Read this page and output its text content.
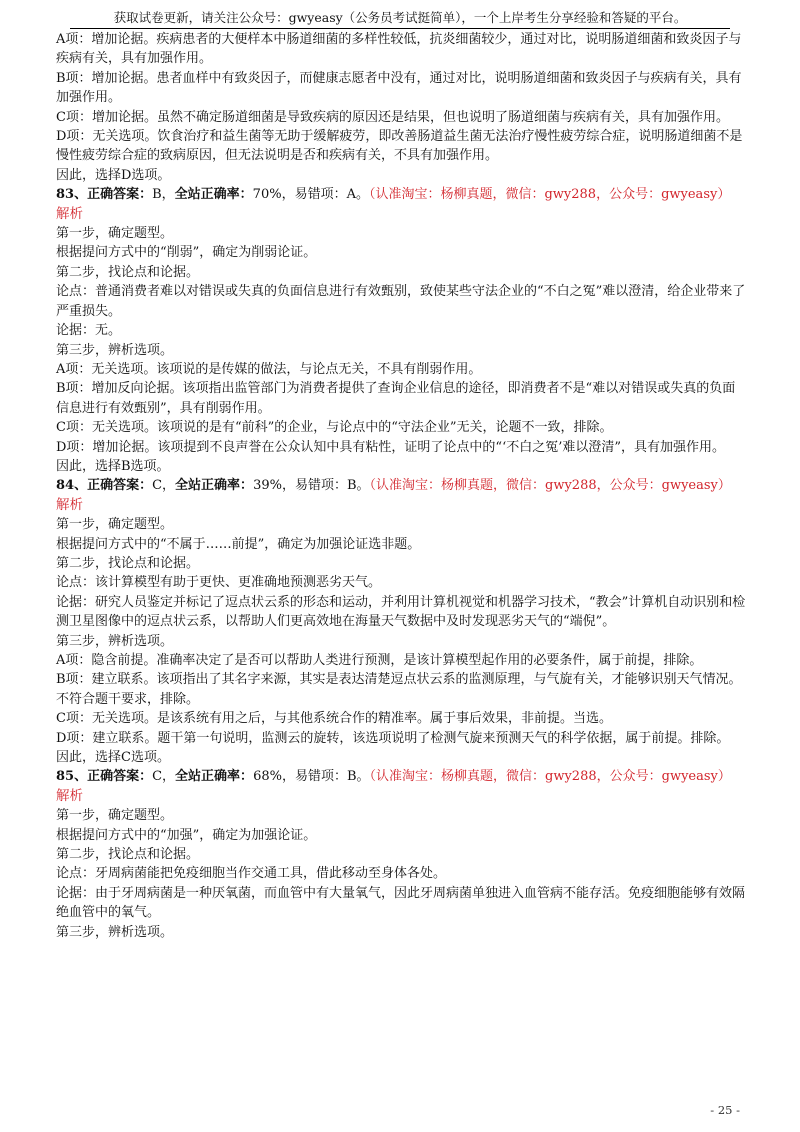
获取试卷更新，请关注公众号：gwyeasy（公务员考试挺简单），一个上岸考生分享经验和答疑的平台。

A项：增加论据。疾病患者的大便样本中肠道细菌的多样性较低，抗炎细菌较少，通过对比，说明肠道细菌和致炎因子与疾病有关，具有加强作用。

B项：增加论据。患者血样中有致炎因子，而健康志愿者中没有，通过对比，说明肠道细菌和致炎因子与疾病有关，具有加强作用。

C项：增加论据。虽然不确定肠道细菌是导致疾病的原因还是结果，但也说明了肠道细菌与疾病有关，具有加强作用。

D项：无关选项。饮食治疗和益生菌等无助于缓解疲劳，即改善肠道益生菌无法治疗慢性疲劳综合症，说明肠道细菌不是慢性疲劳综合症的致病原因，但无法说明是否和疾病有关，不具有加强作用。

因此，选择D选项。

83、正确答案：B，全站正确率：70%，易错项：A。（认准淘宝：杨柳真题，微信：gwy288，公众号：gwyeasy）

解析

第一步，确定题型。

根据提问方式中的“削弱”，确定为削弱论证。

第二步，找论点和论据。

论点：普通消费者难以对错误或失真的负面信息进行有效甄别，致使某些守法企业的“不白之冤”难以澄清，给企业带来了严重损失。

论据：无。

第三步，辨析选项。

A项：无关选项。该项说的是传媒的做法，与论点无关，不具有削弱作用。

B项：增加反向论据。该项指出监管部门为消费者提供了查询企业信息的途径，即消费者不是“难以对错误或失真的负面信息进行有效甄别”，具有削弱作用。

C项：无关选项。该项说的是有“前科”的企业，与论点中的“守法企业”无关，论题不一致，排除。

D项：增加论据。该项提到不良声誉在公众认知中具有粘性，证明了论点中的“‘不白之冤’难以澄清”，具有加强作用。

因此，选择B选项。

84、正确答案：C，全站正确率：39%，易错项：B。（认准淘宝：杨柳真题，微信：gwy288，公众号：gwyeasy）

解析

第一步，确定题型。

根据提问方式中的“不属于……前提”，确定为加强论证选非题。

第二步，找论点和论据。

论点：该计算模型有助于更快、更准确地预测恶劣天气。

论据：研究人员鉴定并标记了逗点状云系的形态和运动，并利用计算机视觉和机器学习技术，“教会”计算机自动识别和检测卫星图像中的逗点状云系，以帮助人们更高效地在海量天气数据中及时发现恶劣天气的“端倪”。

第三步，辨析选项。

A项：隐含前提。准确率决定了是否可以帮助人类进行预测，是该计算模型起作用的必要条件，属于前提，排除。

B项：建立联系。该项指出了其名字来源，其实是表达清楚逗点状云系的监测原理，与气旋有关，才能够识别天气情况。不符合题干要求，排除。

C项：无关选项。是该系统有用之后，与其他系统合作的精准率。属于事后效果，非前提。当选。

D项：建立联系。题干第一句说明，监测云的旋转，该选项说明了检测气旋来预测天气的科学依据，属于前提。排除。

因此，选择C选项。

85、正确答案：C，全站正确率：68%，易错项：B。（认准淘宝：杨柳真题，微信：gwy288，公众号：gwyeasy）

解析

第一步，确定题型。

根据提问方式中的“加强”，确定为加强论证。

第二步，找论点和论据。

论点：牙周病菌能把免疫细胞当作交通工具，借此移动至身体各处。

论据：由于牙周病菌是一种厌氧菌，而血管中有大量氧气，因此牙周病菌单独进入血管病不能存活。免疫细胞能够有效隔绝血管中的氧气。

第三步，辨析选项。

- 25 -
